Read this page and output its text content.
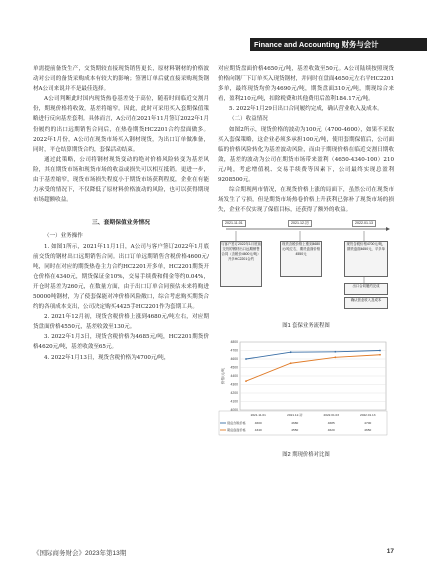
Finance and Accounting 财务与会计

单需提前备货生产，交货期较直接现货销售更长，原材料钢材的价格波动对公司的备货采购成本有较大的影响；签署订单后就直接采购现货钢材A公司来说并不是最佳选择。

A公司判断此时国内现货热卷基差处于高位，随着时间临近交割月份，期现价格将收敛，基差将缩窄。因此，此时可采用买入套期保值策略进行反向基差套利。具体而言，A公司在2021年11月签订2022年1月份履约的出口远期销售合同后，在热卷期货HC2201合约盘面做多。2022年1月份，A公司在现货市场买入钢材现货，为出口订单做准备，同时，平仓结算期货合约，套保活动结束。

通过此策略，公司将钢材现货变动的绝对价格风险转变为基差风险，其在期货市场和现货市场的收益或损失可以相互抵销。更进一步，由于基差缩窄，现货市场损失程度小于期货市场获利程度，企业在有能力承受的情况下，不仅降低了原材料价格波动的风险，也可以获得期现市场超额收益。

三、套期保值业务情况
（一）业务操作

1. 如图1所示，2021年11月1日，A公司与客户签订2022年1月底前交货的钢材出口远期销售合同。出口订单远期销售含税价格4600元/吨，同时在对应的期货热卷主力合约HC2201开多单，HC2201期货开仓价格在4340元，期货保证金10%，交易手续费和佣金等约0.04%，开仓时基差为260元，在数量方面，由于出口订单合同预估未来将购进50000吨钢材，为了使套保能对冲价格风险敞口，综合考虑购买期货合约的各项成本支出，公司决定购买4425手HC2201作为套期工具。

2. 2021年12月初，现货含税价格上涨到4680元/吨左右，对应期货盘面价格4550元，基差收敛至130元。

3. 2022年1月3日，现货含税价格为4685元/吨，HC2201期货价格4620元/吨，基差收敛至65元。

4. 2022年1月13日，现货含税价格为4700元/吨，

对应期货盘面价格4650元/吨，基差收敛至50元。A公司陆续按照现货价格向钢厂下订单买入现货钢材，并同时在盘面4650元左右平HC2201多单，最终现货均价为4690元/吨，期货盘面310元/吨，期现综合来看，盈利210元/吨，扣除税费和其他费用后盈利184.17元/吨。

5. 2022年1月29日出口合同履约完成，确认营业收入及成本。

（二）收益情况

如图2所示，现货价格的波动为100元（4700-4600），如果不采取买入套保策略，这企业必须多承担100元/吨，使用套期保值后，公司面临的价格风险转化为基差波动风险，而由于期现价格在临近交割日期收敛，基差的波动为公司在期货市场带来盈利（4650-4340-100）210元/吨，考虑增值税、交易手续费等因素下，公司最终实现总盈利9208500元。

综合期现两市情况，在现货价格上涨的局面下，虽然公司在现货市场发生了亏损，但是期货市场热卷价格上升获利已弥补了现货市场的损失，企业不仅实现了保值目标，还获得了额外的收益。

2021.11.01	2021.12.初	2022.01.13
与客户签订2022年1月底前交货的钢材出口远期销售合同（含税价4600元/吨）开多HC2201合约
现货含税价格上涨到4680元/吨左右，期货盘面价格4550元
现货含税价格4700元/吨，期货盘面4650元，平多单
出口合同履约完成
确认营业收入及成本
图1 套保业务流程图
4000
4100
4200
4300
4400
4500
4600
4700
4800
价格/元/吨
2021.11.01	2021.12.初	2022.01.03	2022.01.13
现货含税价格	4600	4680	4685	4700
期货盘面价格	4340	4550	4620	4650
图2 期现价格对比图
《国际商务财会》2023年第13期	17
